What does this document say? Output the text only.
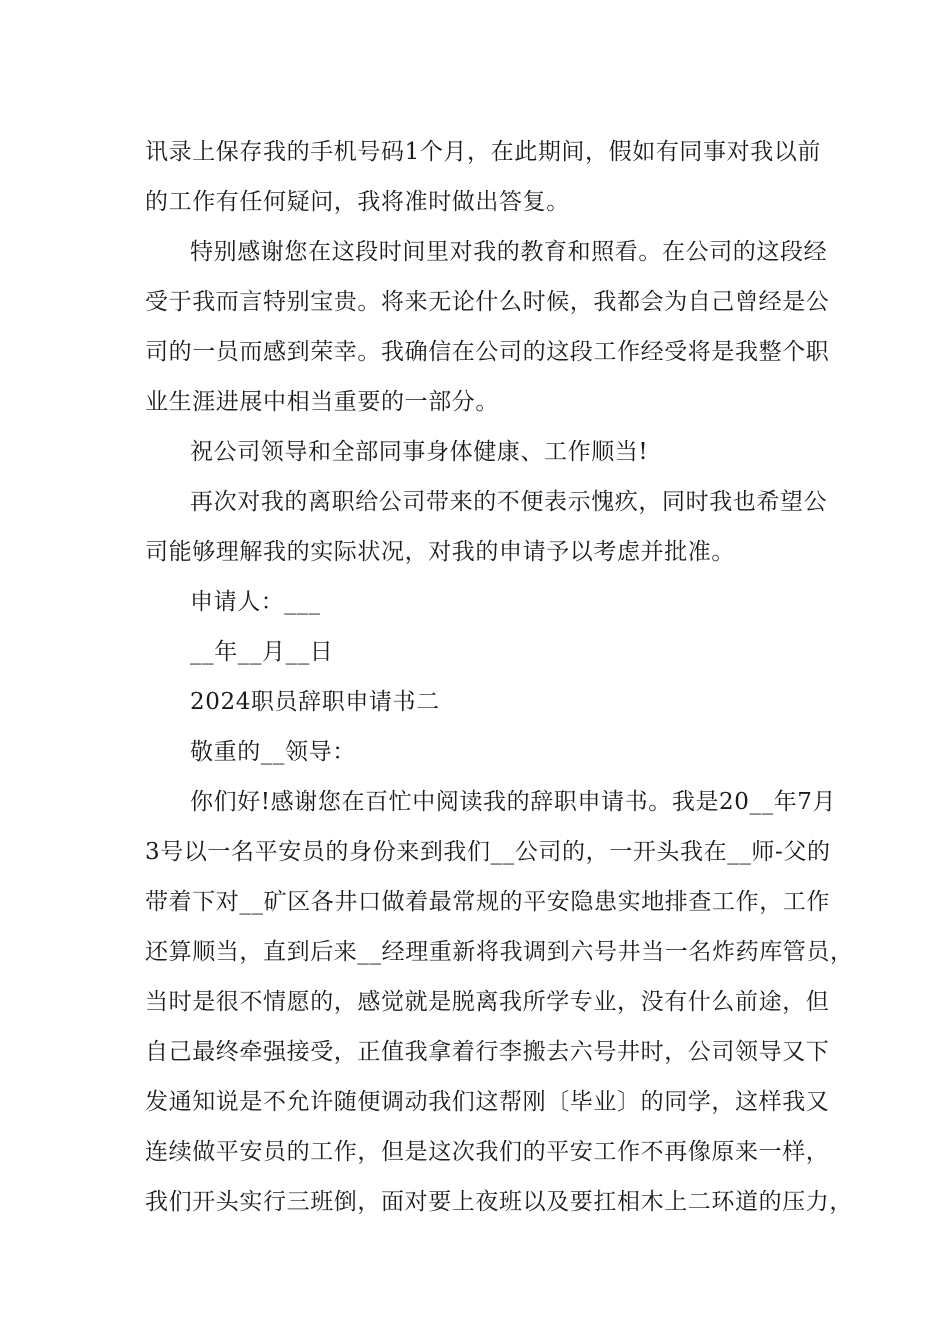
讯录上保存我的手机号码1个月，在此期间，假如有同事对我以前
的工作有任何疑问，我将准时做出答复。
特别感谢您在这段时间里对我的教育和照看。在公司的这段经
受于我而言特别宝贵。将来无论什么时候，我都会为自己曾经是公
司的一员而感到荣幸。我确信在公司的这段工作经受将是我整个职
业生涯进展中相当重要的一部分。
祝公司领导和全部同事身体健康、工作顺当!
再次对我的离职给公司带来的不便表示愧疚，同时我也希望公
司能够理解我的实际状况，对我的申请予以考虑并批准。
申请人：___
__年__月__日
2024职员辞职申请书二
敬重的__领导：
你们好!感谢您在百忙中阅读我的辞职申请书。我是20__年7月
3号以一名平安员的身份来到我们__公司的，一开头我在__师-父的
带着下对__矿区各井口做着最常规的平安隐患实地排查工作，工作
还算顺当，直到后来__经理重新将我调到六号井当一名炸药库管员，
当时是很不情愿的，感觉就是脱离我所学专业，没有什么前途，但
自己最终牵强接受，正值我拿着行李搬去六号井时，公司领导又下
发通知说是不允许随便调动我们这帮刚〔毕业〕的同学，这样我又
连续做平安员的工作，但是这次我们的平安工作不再像原来一样，
我们开头实行三班倒，面对要上夜班以及要扛相木上二环道的压力，
